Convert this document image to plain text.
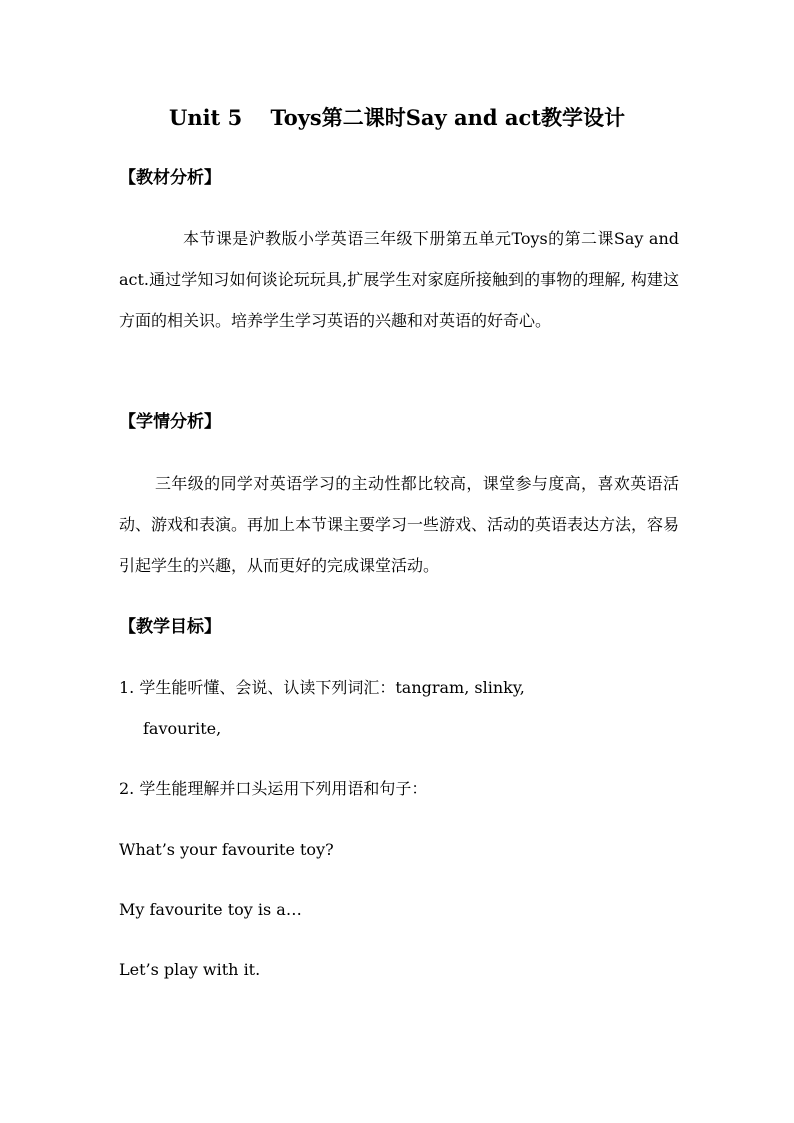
Unit 5　 Toys第二课时Say and act教学设计
【教材分析】
本节课是沪教版小学英语三年级下册第五单元Toys的第二课Say and act.通过学知习如何谈论玩玩具,扩展学生对家庭所接触到的事物的理解, 构建这方面的相关识。培养学生学习英语的兴趣和对英语的好奇心。
【学情分析】
三年级的同学对英语学习的主动性都比较高，课堂参与度高，喜欢英语活动、游戏和表演。再加上本节课主要学习一些游戏、活动的英语表达方法，容易引起学生的兴趣，从而更好的完成课堂活动。
【教学目标】
1. 学生能听懂、会说、认读下列词汇：tangram, slinky,
favourite,
2. 学生能理解并口头运用下列用语和句子：
What’s your favourite toy?
My favourite toy is a…
Let’s play with it.
